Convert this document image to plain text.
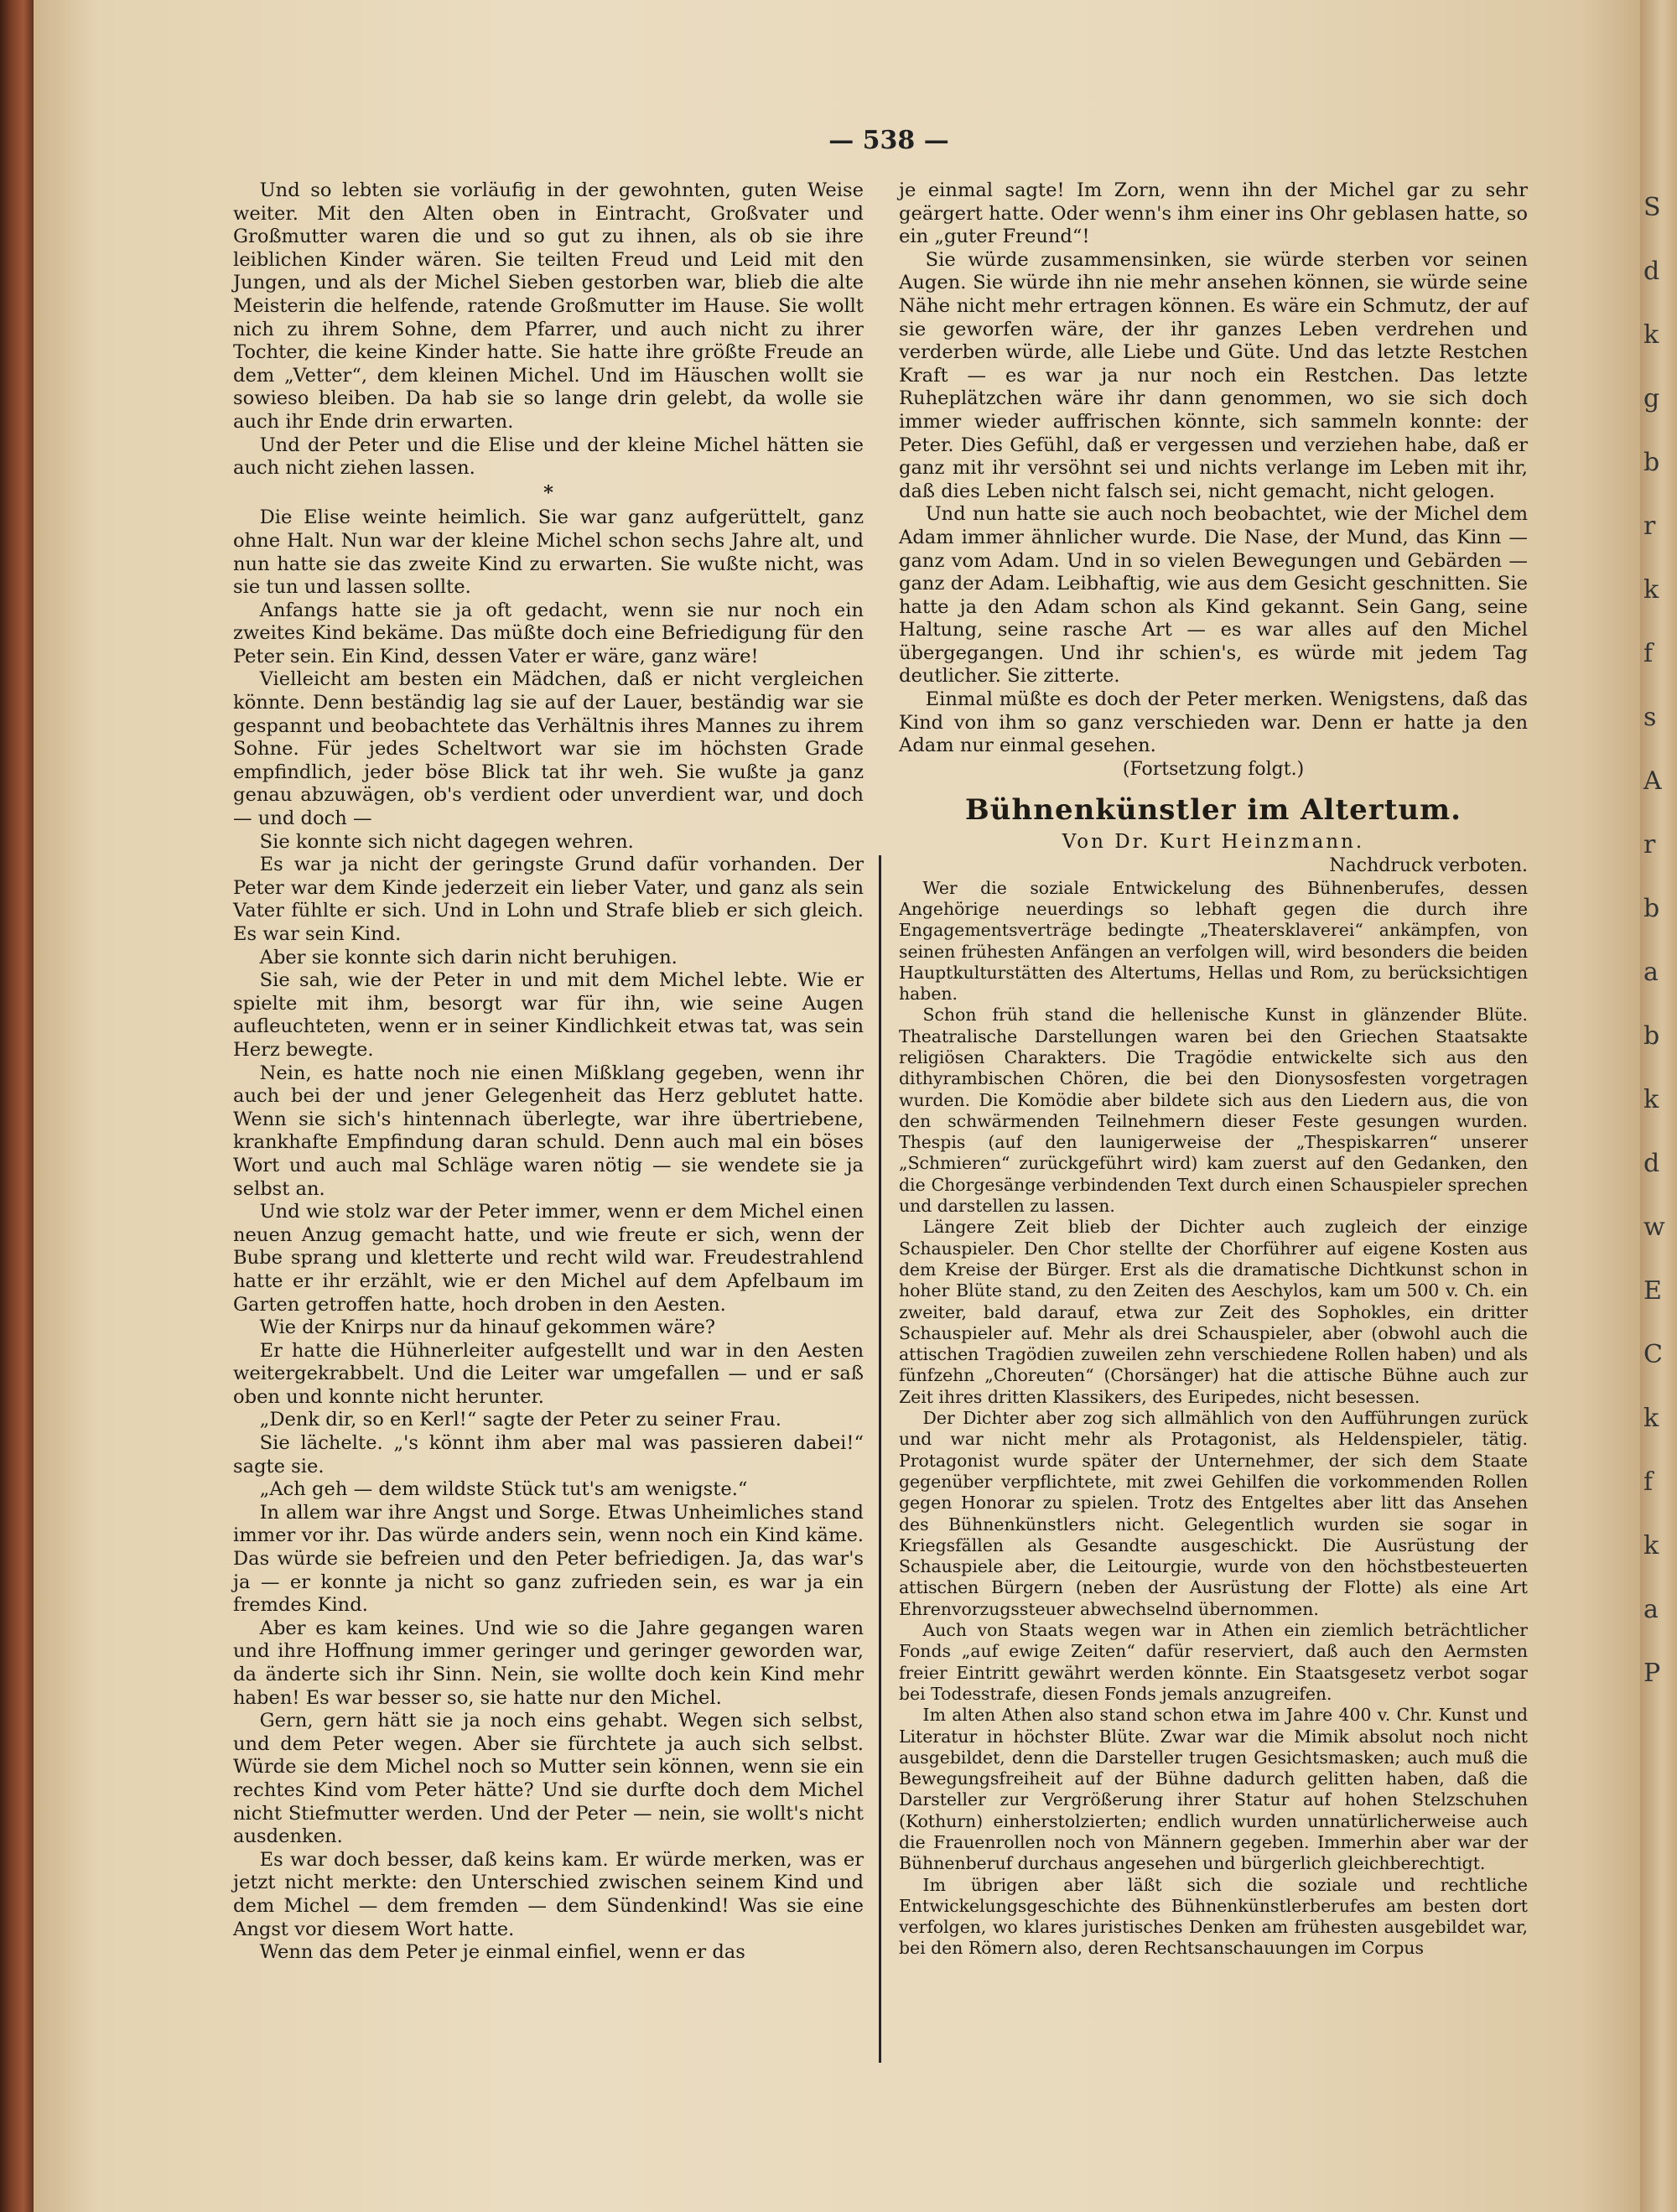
— 538 —

Und so lebten sie vorläufig in der gewohnten, guten Weise weiter. Mit den Alten oben in Eintracht, Großvater und Großmutter waren die und so gut zu ihnen, als ob sie ihre leiblichen Kinder wären. Sie teilten Freud und Leid mit den Jungen, und als der Michel Sieben gestorben war, blieb die alte Meisterin die helfende, ratende Großmutter im Hause. Sie wollt nich zu ihrem Sohne, dem Pfarrer, und auch nicht zu ihrer Tochter, die keine Kinder hatte. Sie hatte ihre größte Freude an dem „Vetter“, dem kleinen Michel. Und im Häuschen wollt sie sowieso bleiben. Da hab sie so lange drin gelebt, da wolle sie auch ihr Ende drin erwarten.

Und der Peter und die Elise und der kleine Michel hätten sie auch nicht ziehen lassen.

*

Die Elise weinte heimlich. Sie war ganz aufgerüttelt, ganz ohne Halt. Nun war der kleine Michel schon sechs Jahre alt, und nun hatte sie das zweite Kind zu erwarten. Sie wußte nicht, was sie tun und lassen sollte.

Anfangs hatte sie ja oft gedacht, wenn sie nur noch ein zweites Kind bekäme. Das müßte doch eine Befriedigung für den Peter sein. Ein Kind, dessen Vater er wäre, ganz wäre!

Vielleicht am besten ein Mädchen, daß er nicht vergleichen könnte. Denn beständig lag sie auf der Lauer, beständig war sie gespannt und beobachtete das Verhältnis ihres Mannes zu ihrem Sohne. Für jedes Scheltwort war sie im höchsten Grade empfindlich, jeder böse Blick tat ihr weh. Sie wußte ja ganz genau abzuwägen, ob's verdient oder unverdient war, und doch — und doch —

Sie konnte sich nicht dagegen wehren.

Es war ja nicht der geringste Grund dafür vorhanden. Der Peter war dem Kinde jederzeit ein lieber Vater, und ganz als sein Vater fühlte er sich. Und in Lohn und Strafe blieb er sich gleich. Es war sein Kind.

Aber sie konnte sich darin nicht beruhigen.

Sie sah, wie der Peter in und mit dem Michel lebte. Wie er spielte mit ihm, besorgt war für ihn, wie seine Augen aufleuchteten, wenn er in seiner Kindlichkeit etwas tat, was sein Herz bewegte.

Nein, es hatte noch nie einen Mißklang gegeben, wenn ihr auch bei der und jener Gelegenheit das Herz geblutet hatte. Wenn sie sich's hintennach überlegte, war ihre übertriebene, krankhafte Empfindung daran schuld. Denn auch mal ein böses Wort und auch mal Schläge waren nötig — sie wendete sie ja selbst an.

Und wie stolz war der Peter immer, wenn er dem Michel einen neuen Anzug gemacht hatte, und wie freute er sich, wenn der Bube sprang und kletterte und recht wild war. Freudestrahlend hatte er ihr erzählt, wie er den Michel auf dem Apfelbaum im Garten getroffen hatte, hoch droben in den Aesten.

Wie der Knirps nur da hinauf gekommen wäre?

Er hatte die Hühnerleiter aufgestellt und war in den Aesten weitergekrabbelt. Und die Leiter war umgefallen — und er saß oben und konnte nicht herunter.

„Denk dir, so en Kerl!“ sagte der Peter zu seiner Frau.

Sie lächelte. „'s könnt ihm aber mal was passieren dabei!“ sagte sie.

„Ach geh — dem wildste Stück tut's am wenigste.“

In allem war ihre Angst und Sorge. Etwas Unheimliches stand immer vor ihr. Das würde anders sein, wenn noch ein Kind käme. Das würde sie befreien und den Peter befriedigen. Ja, das war's ja — er konnte ja nicht so ganz zufrieden sein, es war ja ein fremdes Kind.

Aber es kam keines. Und wie so die Jahre gegangen waren und ihre Hoffnung immer geringer und geringer geworden war, da änderte sich ihr Sinn. Nein, sie wollte doch kein Kind mehr haben! Es war besser so, sie hatte nur den Michel.

Gern, gern hätt sie ja noch eins gehabt. Wegen sich selbst, und dem Peter wegen. Aber sie fürchtete ja auch sich selbst. Würde sie dem Michel noch so Mutter sein können, wenn sie ein rechtes Kind vom Peter hätte? Und sie durfte doch dem Michel nicht Stiefmutter werden. Und der Peter — nein, sie wollt's nicht ausdenken.

Es war doch besser, daß keins kam. Er würde merken, was er jetzt nicht merkte: den Unterschied zwischen seinem Kind und dem Michel — dem fremden — dem Sündenkind! Was sie eine Angst vor diesem Wort hatte.

Wenn das dem Peter je einmal einfiel, wenn er das

je einmal sagte! Im Zorn, wenn ihn der Michel gar zu sehr geärgert hatte. Oder wenn's ihm einer ins Ohr geblasen hatte, so ein „guter Freund“!

Sie würde zusammensinken, sie würde sterben vor seinen Augen. Sie würde ihn nie mehr ansehen können, sie würde seine Nähe nicht mehr ertragen können. Es wäre ein Schmutz, der auf sie geworfen wäre, der ihr ganzes Leben verdrehen und verderben würde, alle Liebe und Güte. Und das letzte Restchen Kraft — es war ja nur noch ein Restchen. Das letzte Ruheplätzchen wäre ihr dann genommen, wo sie sich doch immer wieder auffrischen könnte, sich sammeln konnte: der Peter. Dies Gefühl, daß er vergessen und verziehen habe, daß er ganz mit ihr versöhnt sei und nichts verlange im Leben mit ihr, daß dies Leben nicht falsch sei, nicht gemacht, nicht gelogen.

Und nun hatte sie auch noch beobachtet, wie der Michel dem Adam immer ähnlicher wurde. Die Nase, der Mund, das Kinn — ganz vom Adam. Und in so vielen Bewegungen und Gebärden — ganz der Adam. Leibhaftig, wie aus dem Gesicht geschnitten. Sie hatte ja den Adam schon als Kind gekannt. Sein Gang, seine Haltung, seine rasche Art — es war alles auf den Michel übergegangen. Und ihr schien's, es würde mit jedem Tag deutlicher. Sie zitterte.

Einmal müßte es doch der Peter merken. Wenigstens, daß das Kind von ihm so ganz verschieden war. Denn er hatte ja den Adam nur einmal gesehen.

(Fortsetzung folgt.)

Bühnenkünstler im Altertum.

Von Dr. Kurt Heinzmann.

Nachdruck verboten.

Wer die soziale Entwickelung des Bühnenberufes, dessen Angehörige neuerdings so lebhaft gegen die durch ihre Engagementsverträge bedingte „Theatersklaverei“ ankämpfen, von seinen frühesten Anfängen an verfolgen will, wird besonders die beiden Hauptkulturstätten des Altertums, Hellas und Rom, zu berücksichtigen haben.

Schon früh stand die hellenische Kunst in glänzender Blüte. Theatralische Darstellungen waren bei den Griechen Staatsakte religiösen Charakters. Die Tragödie entwickelte sich aus den dithyrambischen Chören, die bei den Dionysosfesten vorgetragen wurden. Die Komödie aber bildete sich aus den Liedern aus, die von den schwärmenden Teilnehmern dieser Feste gesungen wurden. Thespis (auf den launigerweise der „Thespiskarren“ unserer „Schmieren“ zurückgeführt wird) kam zuerst auf den Gedanken, den die Chorgesänge verbindenden Text durch einen Schauspieler sprechen und darstellen zu lassen.

Längere Zeit blieb der Dichter auch zugleich der einzige Schauspieler. Den Chor stellte der Chorführer auf eigene Kosten aus dem Kreise der Bürger. Erst als die dramatische Dichtkunst schon in hoher Blüte stand, zu den Zeiten des Aeschylos, kam um 500 v. Ch. ein zweiter, bald darauf, etwa zur Zeit des Sophokles, ein dritter Schauspieler auf. Mehr als drei Schauspieler, aber (obwohl auch die attischen Tragödien zuweilen zehn verschiedene Rollen haben) und als fünfzehn „Choreuten“ (Chorsänger) hat die attische Bühne auch zur Zeit ihres dritten Klassikers, des Euripedes, nicht besessen.

Der Dichter aber zog sich allmählich von den Aufführungen zurück und war nicht mehr als Protagonist, als Heldenspieler, tätig. Protagonist wurde später der Unternehmer, der sich dem Staate gegenüber verpflichtete, mit zwei Gehilfen die vorkommenden Rollen gegen Honorar zu spielen. Trotz des Entgeltes aber litt das Ansehen des Bühnenkünstlers nicht. Gelegentlich wurden sie sogar in Kriegsfällen als Gesandte ausgeschickt. Die Ausrüstung der Schauspiele aber, die Leitourgie, wurde von den höchstbesteuerten attischen Bürgern (neben der Ausrüstung der Flotte) als eine Art Ehrenvorzugssteuer abwechselnd übernommen.

Auch von Staats wegen war in Athen ein ziemlich beträchtlicher Fonds „auf ewige Zeiten“ dafür reserviert, daß auch den Aermsten freier Eintritt gewährt werden könnte. Ein Staatsgesetz verbot sogar bei Todesstrafe, diesen Fonds jemals anzugreifen.

Im alten Athen also stand schon etwa im Jahre 400 v. Chr. Kunst und Literatur in höchster Blüte. Zwar war die Mimik absolut noch nicht ausgebildet, denn die Darsteller trugen Gesichtsmasken; auch muß die Bewegungsfreiheit auf der Bühne dadurch gelitten haben, daß die Darsteller zur Vergrößerung ihrer Statur auf hohen Stelzschuhen (Kothurn) einherstolzierten; endlich wurden unnatürlicherweise auch die Frauenrollen noch von Männern gegeben. Immerhin aber war der Bühnenberuf durchaus angesehen und bürgerlich gleichberechtigt.

Im übrigen aber läßt sich die soziale und rechtliche Entwickelungsgeschichte des Bühnenkünstlerberufes am besten dort verfolgen, wo klares juristisches Denken am frühesten ausgebildet war, bei den Römern also, deren Rechtsanschauungen im Corpus

S
d
k
g
b
r
k
f
s
A
r
b
a
b
k
d
w
E
C
k
f
k
a
P
